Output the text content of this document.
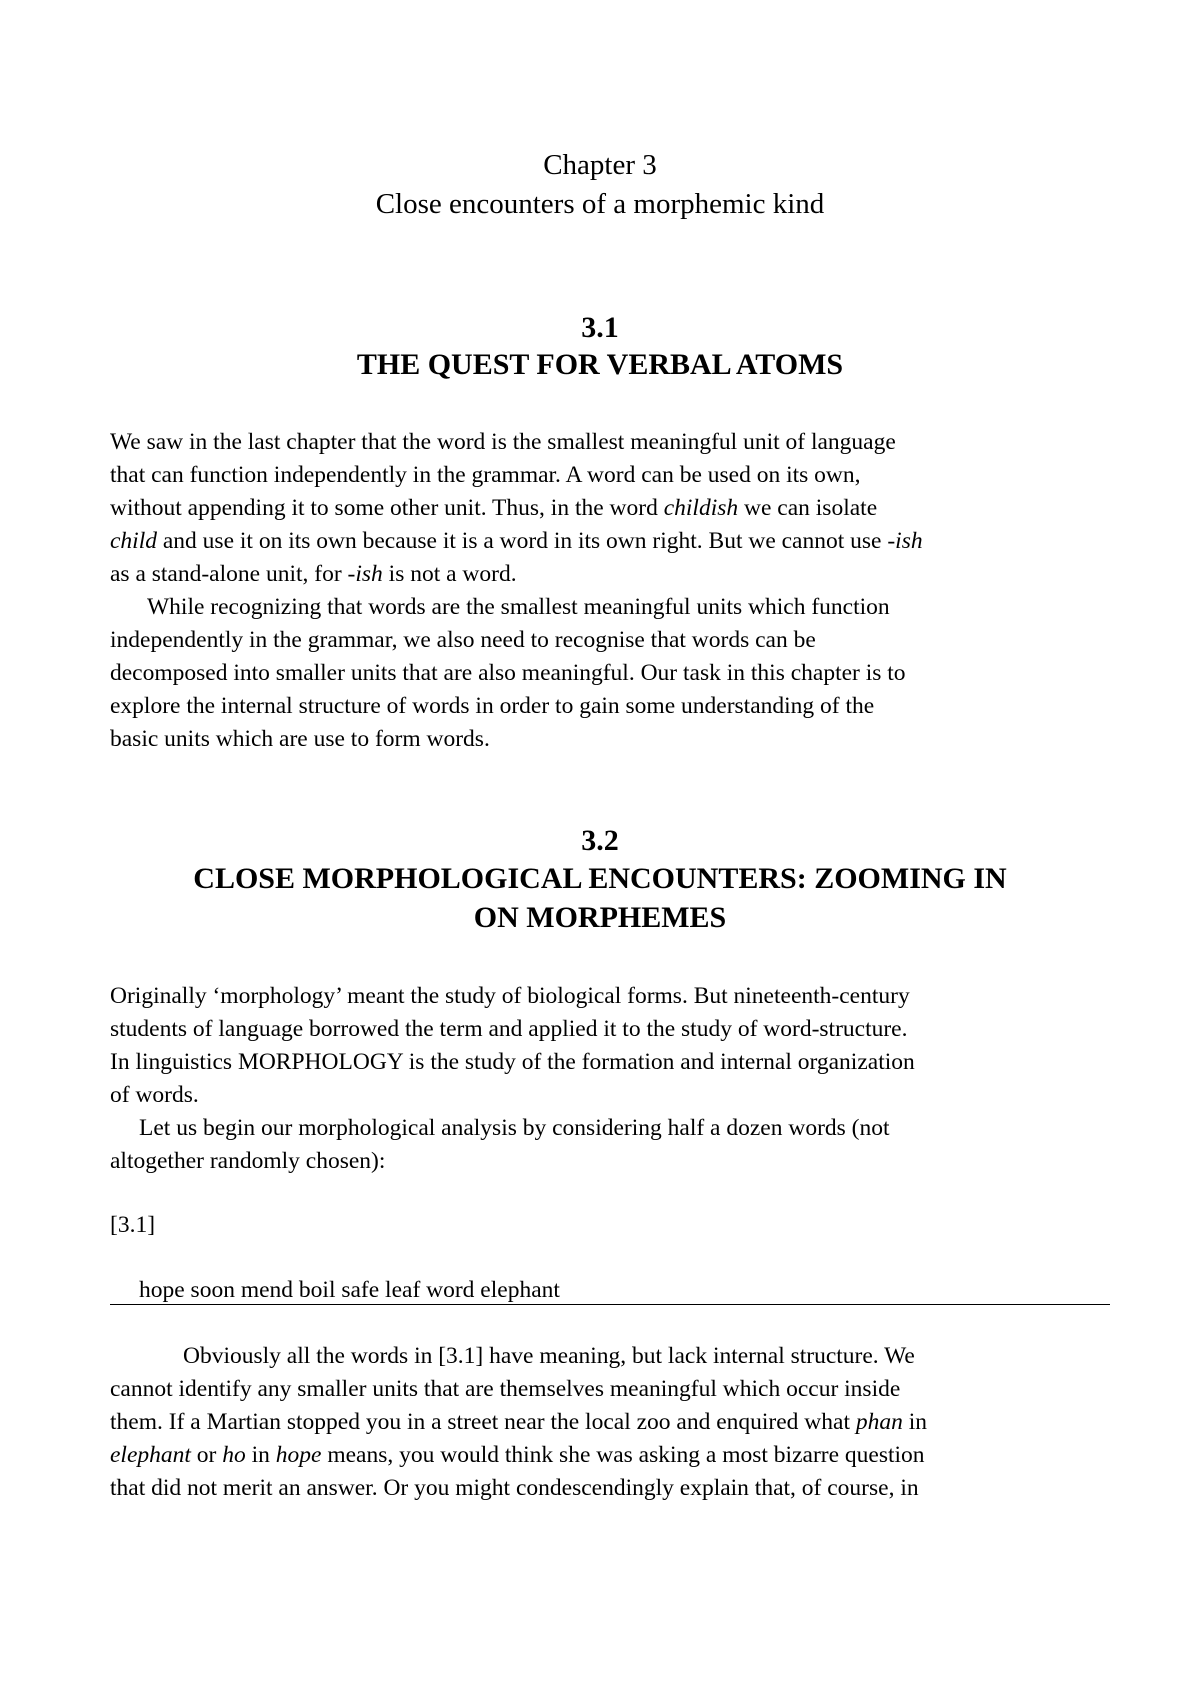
Chapter 3

Close encounters of a morphemic kind

3.1

THE QUEST FOR VERBAL ATOMS

We saw in the last chapter that the word is the smallest meaningful unit of language

that can function independently in the grammar. A word can be used on its own,

without appending it to some other unit. Thus, in the word childish we can isolate

child and use it on its own because it is a word in its own right. But we cannot use -ish

as a stand-alone unit, for -ish is not a word.

While recognizing that words are the smallest meaningful units which function

independently in the grammar, we also need to recognise that words can be

decomposed into smaller units that are also meaningful. Our task in this chapter is to

explore the internal structure of words in order to gain some understanding of the

basic units which are use to form words.

3.2

CLOSE MORPHOLOGICAL ENCOUNTERS: ZOOMING IN

ON MORPHEMES

Originally ‘morphology’ meant the study of biological forms. But nineteenth-century

students of language borrowed the term and applied it to the study of word-structure.

In linguistics MORPHOLOGY is the study of the formation and internal organization

of words.

Let us begin our morphological analysis by considering half a dozen words (not

altogether randomly chosen):

[3.1]

hope soon mend boil safe leaf word elephant

Obviously all the words in [3.1] have meaning, but lack internal structure. We

cannot identify any smaller units that are themselves meaningful which occur inside

them. If a Martian stopped you in a street near the local zoo and enquired what phan in

elephant or ho in hope means, you would think she was asking a most bizarre question

that did not merit an answer. Or you might condescendingly explain that, of course, in
